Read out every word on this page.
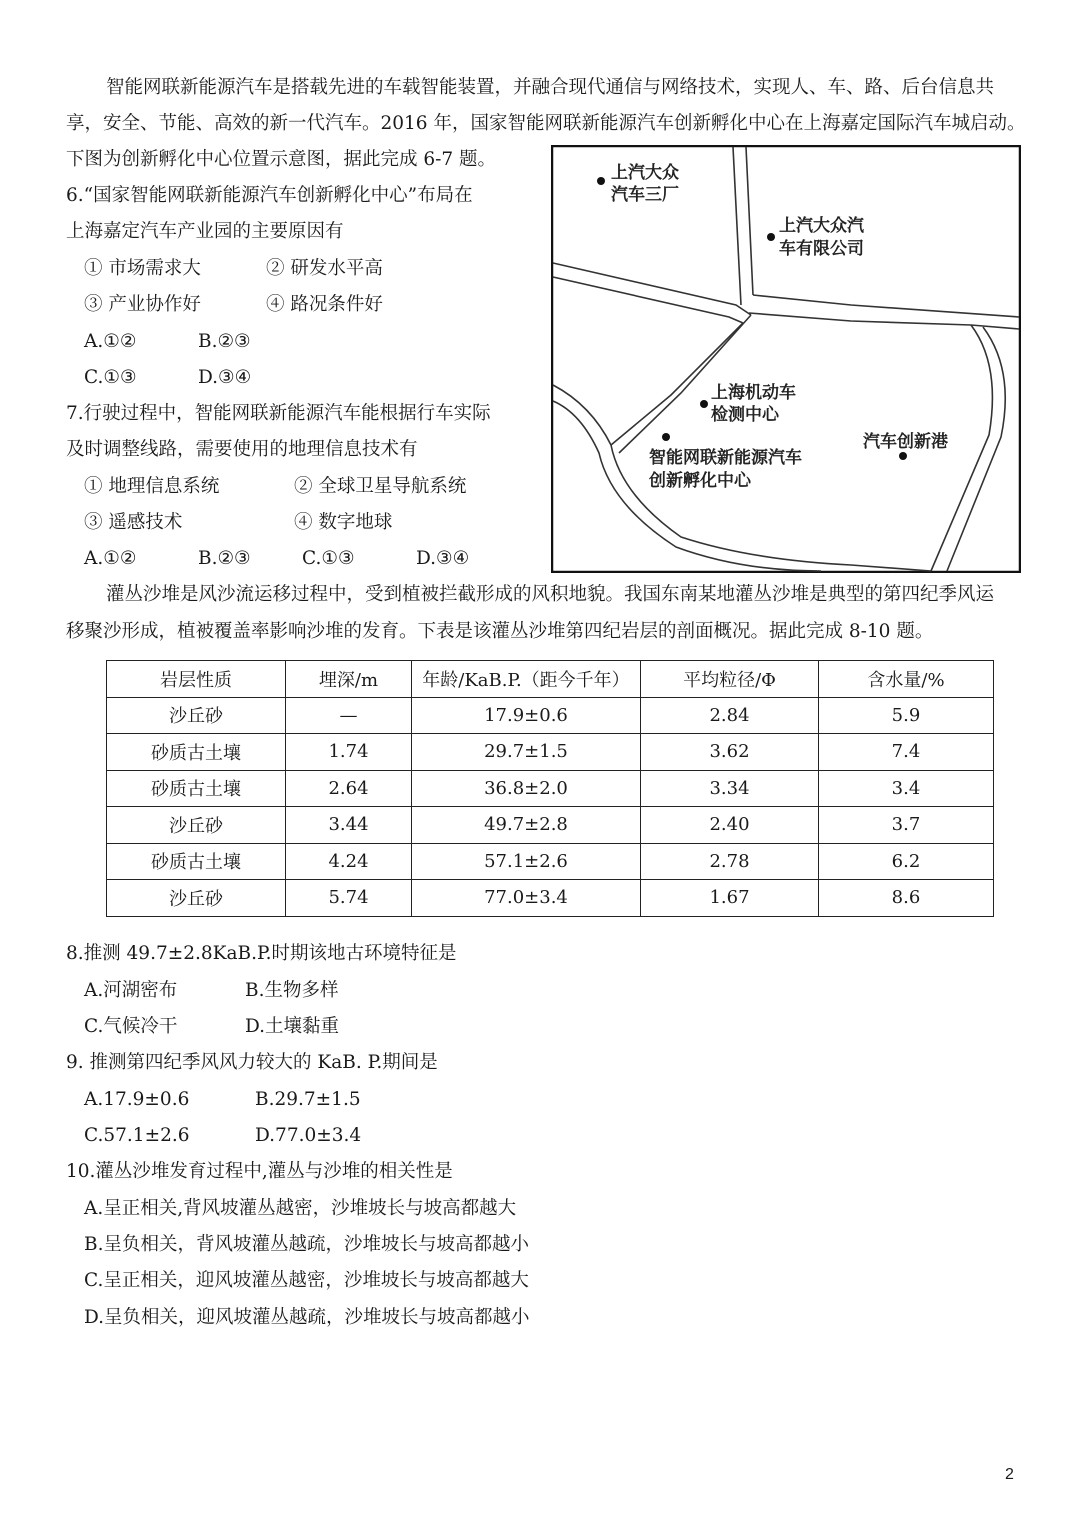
智能网联新能源汽车是搭载先进的车载智能装置，并融合现代通信与网络技术，实现人、车、路、后台信息共
享，安全、节能、高效的新一代汽车。2016 年，国家智能网联新能源汽车创新孵化中心在上海嘉定国际汽车城启动。
下图为创新孵化中心位置示意图，据此完成 6-7 题。
上汽大众
汽车三厂
上汽大众汽
车有限公司
上海机动车
检测中心
智能网联新能源汽车
创新孵化中心
汽车创新港
6.“国家智能网联新能源汽车创新孵化中心”布局在
上海嘉定汽车产业园的主要原因有
① 市场需求大	② 研发水平高
③ 产业协作好	④ 路况条件好
A.①②	B.②③
C.①③	D.③④
7.行驶过程中，智能网联新能源汽车能根据行车实际
及时调整线路，需要使用的地理信息技术有
① 地理信息系统	② 全球卫星导航系统
③ 遥感技术	④ 数字地球
A.①②	B.②③	C.①③	D.③④
灌丛沙堆是风沙流运移过程中，受到植被拦截形成的风积地貌。我国东南某地灌丛沙堆是典型的第四纪季风运
移聚沙形成，植被覆盖率影响沙堆的发育。下表是该灌丛沙堆第四纪岩层的剖面概况。据此完成 8-10 题。
岩层性质	埋深/m	年龄/KaB.P.（距今千年）	平均粒径/Φ	含水量/%
沙丘砂	—	17.9±0.6	2.84	5.9
砂质古土壤	1.74	29.7±1.5	3.62	7.4
砂质古土壤	2.64	36.8±2.0	3.34	3.4
沙丘砂	3.44	49.7±2.8	2.40	3.7
砂质古土壤	4.24	57.1±2.6	2.78	6.2
沙丘砂	5.74	77.0±3.4	1.67	8.6
8.推测 49.7±2.8KaB.P.时期该地古环境特征是
A.河湖密布	B.生物多样
C.气候冷干	D.土壤黏重
9. 推测第四纪季风风力较大的 KaB. P.期间是
A.17.9±0.6	B.29.7±1.5
C.57.1±2.6	D.77.0±3.4
10.灌丛沙堆发育过程中,灌丛与沙堆的相关性是
A.呈正相关,背风坡灌丛越密，沙堆坡长与坡高都越大
B.呈负相关，背风坡灌丛越疏，沙堆坡长与坡高都越小
C.呈正相关，迎风坡灌丛越密，沙堆坡长与坡高都越大
D.呈负相关，迎风坡灌丛越疏，沙堆坡长与坡高都越小
2
